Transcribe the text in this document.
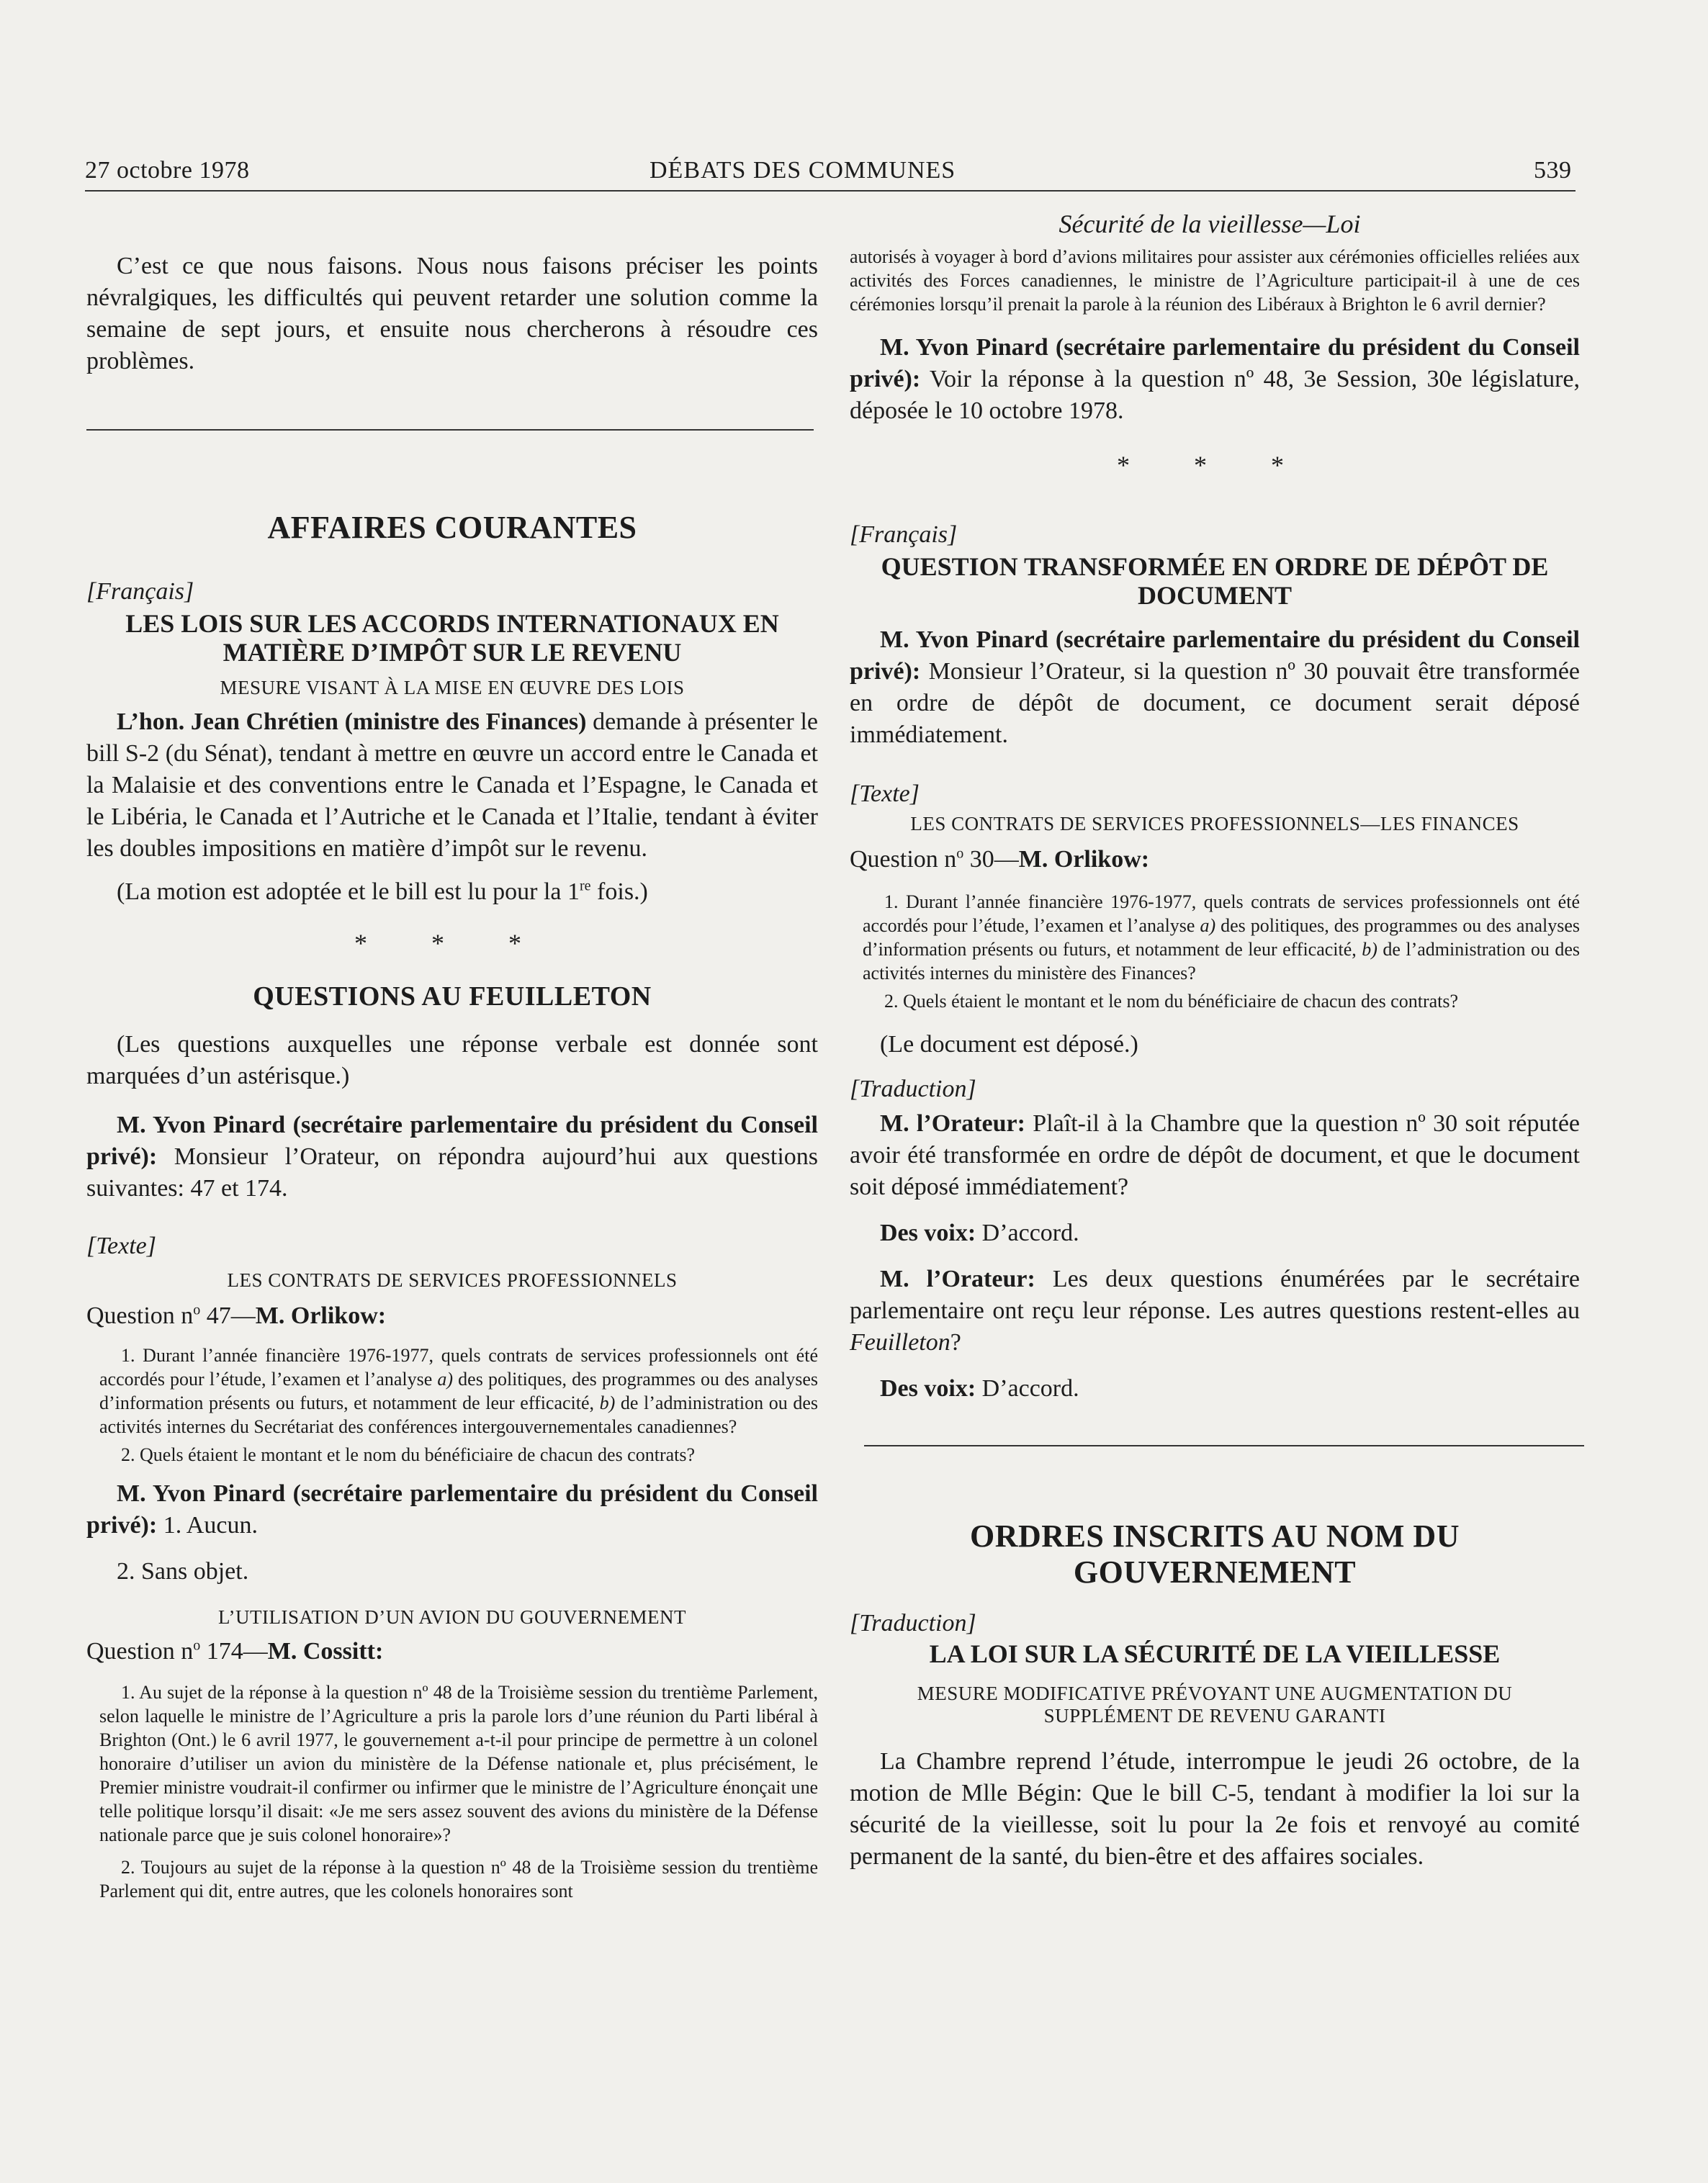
27 octobre 1978	DÉBATS DES COMMUNES	539
Sécurité de la vieillesse—Loi

C’est ce que nous faisons. Nous nous faisons préciser les points névralgiques, les difficultés qui peuvent retarder une solution comme la semaine de sept jours, et ensuite nous chercherons à résoudre ces problèmes.

AFFAIRES COURANTES
[Français]
LES LOIS SUR LES ACCORDS INTERNATIONAUX EN MATIÈRE D’IMPÔT SUR LE REVENU
MESURE VISANT À LA MISE EN ŒUVRE DES LOIS

L’hon. Jean Chrétien (ministre des Finances) demande à présenter le bill S-2 (du Sénat), tendant à mettre en œuvre un accord entre le Canada et la Malaisie et des conventions entre le Canada et l’Espagne, le Canada et le Libéria, le Canada et l’Autriche et le Canada et l’Italie, tendant à éviter les doubles impositions en matière d’impôt sur le revenu.

(La motion est adoptée et le bill est lu pour la 1re fois.)

* * *
QUESTIONS AU FEUILLETON

(Les questions auxquelles une réponse verbale est donnée sont marquées d’un astérisque.)

M. Yvon Pinard (secrétaire parlementaire du président du Conseil privé): Monsieur l’Orateur, on répondra aujourd’hui aux questions suivantes: 47 et 174.

[Texte]
LES CONTRATS DE SERVICES PROFESSIONNELS
Question $n^o$ 47—M. Orlikow:

1. Durant l’année financière 1976-1977, quels contrats de services professionnels ont été accordés pour l’étude, l’examen et l’analyse a) des politiques, des programmes ou des analyses d’information présents ou futurs, et notamment de leur efficacité, b) de l’administration ou des activités internes du Secrétariat des conférences intergouvernementales canadiennes?

2. Quels étaient le montant et le nom du bénéficiaire de chacun des contrats?

M. Yvon Pinard (secrétaire parlementaire du président du Conseil privé): 1. Aucun.

2. Sans objet.

L’UTILISATION D’UN AVION DU GOUVERNEMENT
Question $n^o$ 174—M. Cossitt:

1. Au sujet de la réponse à la question nº 48 de la Troisième session du trentième Parlement, selon laquelle le ministre de l’Agriculture a pris la parole lors d’une réunion du Parti libéral à Brighton (Ont.) le 6 avril 1977, le gouvernement a-t-il pour principe de permettre à un colonel honoraire d’utiliser un avion du ministère de la Défense nationale et, plus précisément, le Premier ministre voudrait-il confirmer ou infirmer que le ministre de l’Agriculture énonçait une telle politique lorsqu’il disait: «Je me sers assez souvent des avions du ministère de la Défense nationale parce que je suis colonel honoraire»?

2. Toujours au sujet de la réponse à la question nº 48 de la Troisième session du trentième Parlement qui dit, entre autres, que les colonels honoraires sont

autorisés à voyager à bord d’avions militaires pour assister aux cérémonies officielles reliées aux activités des Forces canadiennes, le ministre de l’Agriculture participait-il à une de ces cérémonies lorsqu’il prenait la parole à la réunion des Libéraux à Brighton le 6 avril dernier?

M. Yvon Pinard (secrétaire parlementaire du président du Conseil privé): Voir la réponse à la question nº 48, 3e Session, 30e législature, déposée le 10 octobre 1978.

* * *
[Français]
QUESTION TRANSFORMÉE EN ORDRE DE DÉPÔT DE DOCUMENT

M. Yvon Pinard (secrétaire parlementaire du président du Conseil privé): Monsieur l’Orateur, si la question nº 30 pouvait être transformée en ordre de dépôt de document, ce document serait déposé immédiatement.

[Texte]
LES CONTRATS DE SERVICES PROFESSIONNELS—LES FINANCES
Question $n^o$ 30—M. Orlikow:

1. Durant l’année financière 1976-1977, quels contrats de services professionnels ont été accordés pour l’étude, l’examen et l’analyse a) des politiques, des programmes ou des analyses d’information présents ou futurs, et notamment de leur efficacité, b) de l’administration ou des activités internes du ministère des Finances?

2. Quels étaient le montant et le nom du bénéficiaire de chacun des contrats?

(Le document est déposé.)

[Traduction]

M. l’Orateur: Plaît-il à la Chambre que la question nº 30 soit réputée avoir été transformée en ordre de dépôt de document, et que le document soit déposé immédiatement?

Des voix: D’accord.

M. l’Orateur: Les deux questions énumérées par le secrétaire parlementaire ont reçu leur réponse. Les autres questions restent-elles au Feuilleton?

Des voix: D’accord.

ORDRES INSCRITS AU NOM DU GOUVERNEMENT
[Traduction]
LA LOI SUR LA SÉCURITÉ DE LA VIEILLESSE
MESURE MODIFICATIVE PRÉVOYANT UNE AUGMENTATION DU SUPPLÉMENT DE REVENU GARANTI

La Chambre reprend l’étude, interrompue le jeudi 26 octobre, de la motion de Mlle Bégin: Que le bill C-5, tendant à modifier la loi sur la sécurité de la vieillesse, soit lu pour la 2e fois et renvoyé au comité permanent de la santé, du bien-être et des affaires sociales.
